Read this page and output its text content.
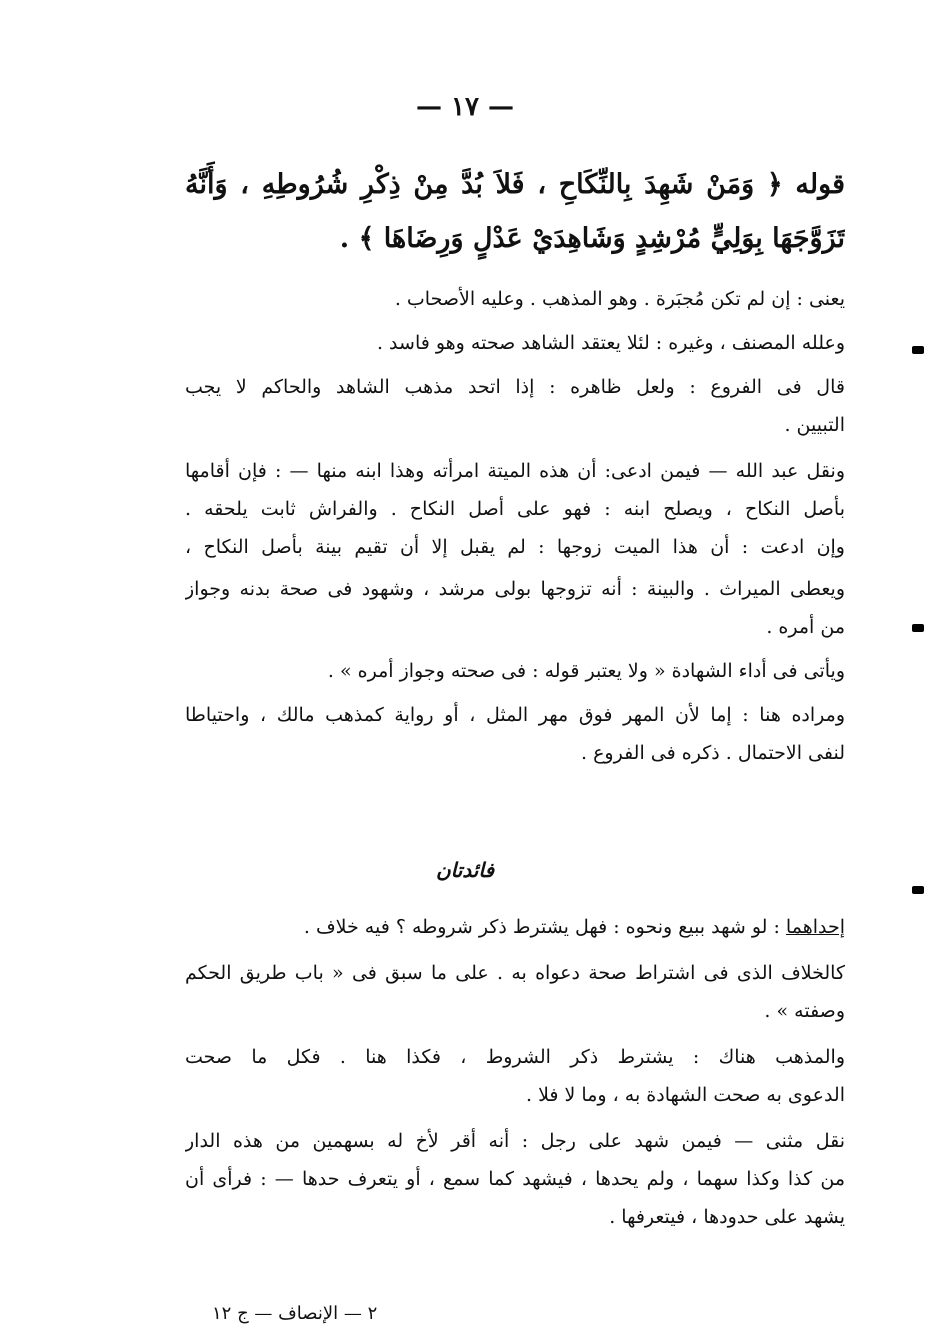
— ١٧ —
قوله ﴿ وَمَنْ شَهِدَ بِالنِّكَاحِ ، فَلاَ بُدَّ مِنْ ذِكْرِ شُرُوطِهِ ، وَأَنَّهُ
تَزَوَّجَهَا بِوَلِيٍّ مُرْشِدٍ وَشَاهِدَيْ عَدْلٍ وَرِضَاهَا ﴾ .
يعنى : إن لم تكن مُجبَرة . وهو المذهب . وعليه الأصحاب .
وعلله المصنف ، وغيره : لئلا يعتقد الشاهد صحته وهو فاسد .
قال فى الفروع : ولعل ظاهره : إذا اتحد مذهب الشاهد والحاكم لا يجب
التبيين .
ونقل عبد الله — فيمن ادعى: أن هذه الميتة امرأته وهذا ابنه منها — : فإن أقامها
بأصل النكاح ، ويصلح ابنه : فهو على أصل النكاح . والفراش ثابت يلحقه .
وإن ادعت : أن هذا الميت زوجها : لم يقبل إلا أن تقيم بينة بأصل النكاح ،
ويعطى الميراث . والبينة : أنه تزوجها بولى مرشد ، وشهود فى صحة بدنه وجواز
من أمره .
ويأتى فى أداء الشهادة « ولا يعتبر قوله : فى صحته وجواز أمره » .
ومراده هنا : إما لأن المهر فوق مهر المثل ، أو رواية كمذهب مالك ، واحتياطا
لنفى الاحتمال . ذكره فى الفروع .
فائدتان
إحداهما : لو شهد ببيع ونحوه : فهل يشترط ذكر شروطه ؟ فيه خلاف .
كالخلاف الذى فى اشتراط صحة دعواه به . على ما سبق فى « باب طريق الحكم
وصفته » .
والمذهب هناك : يشترط ذكر الشروط ، فكذا هنا . فكل ما صحت
الدعوى به صحت الشهادة به ، وما لا فلا .
نقل مثنى — فيمن شهد على رجل : أنه أقر لأخ له بسهمين من هذه الدار
من كذا وكذا سهما ، ولم يحدها ، فيشهد كما سمع ، أو يتعرف حدها — : فرأى أن
يشهد على حدودها ، فيتعرفها .
٢ — الإنصاف — ج ١٢
